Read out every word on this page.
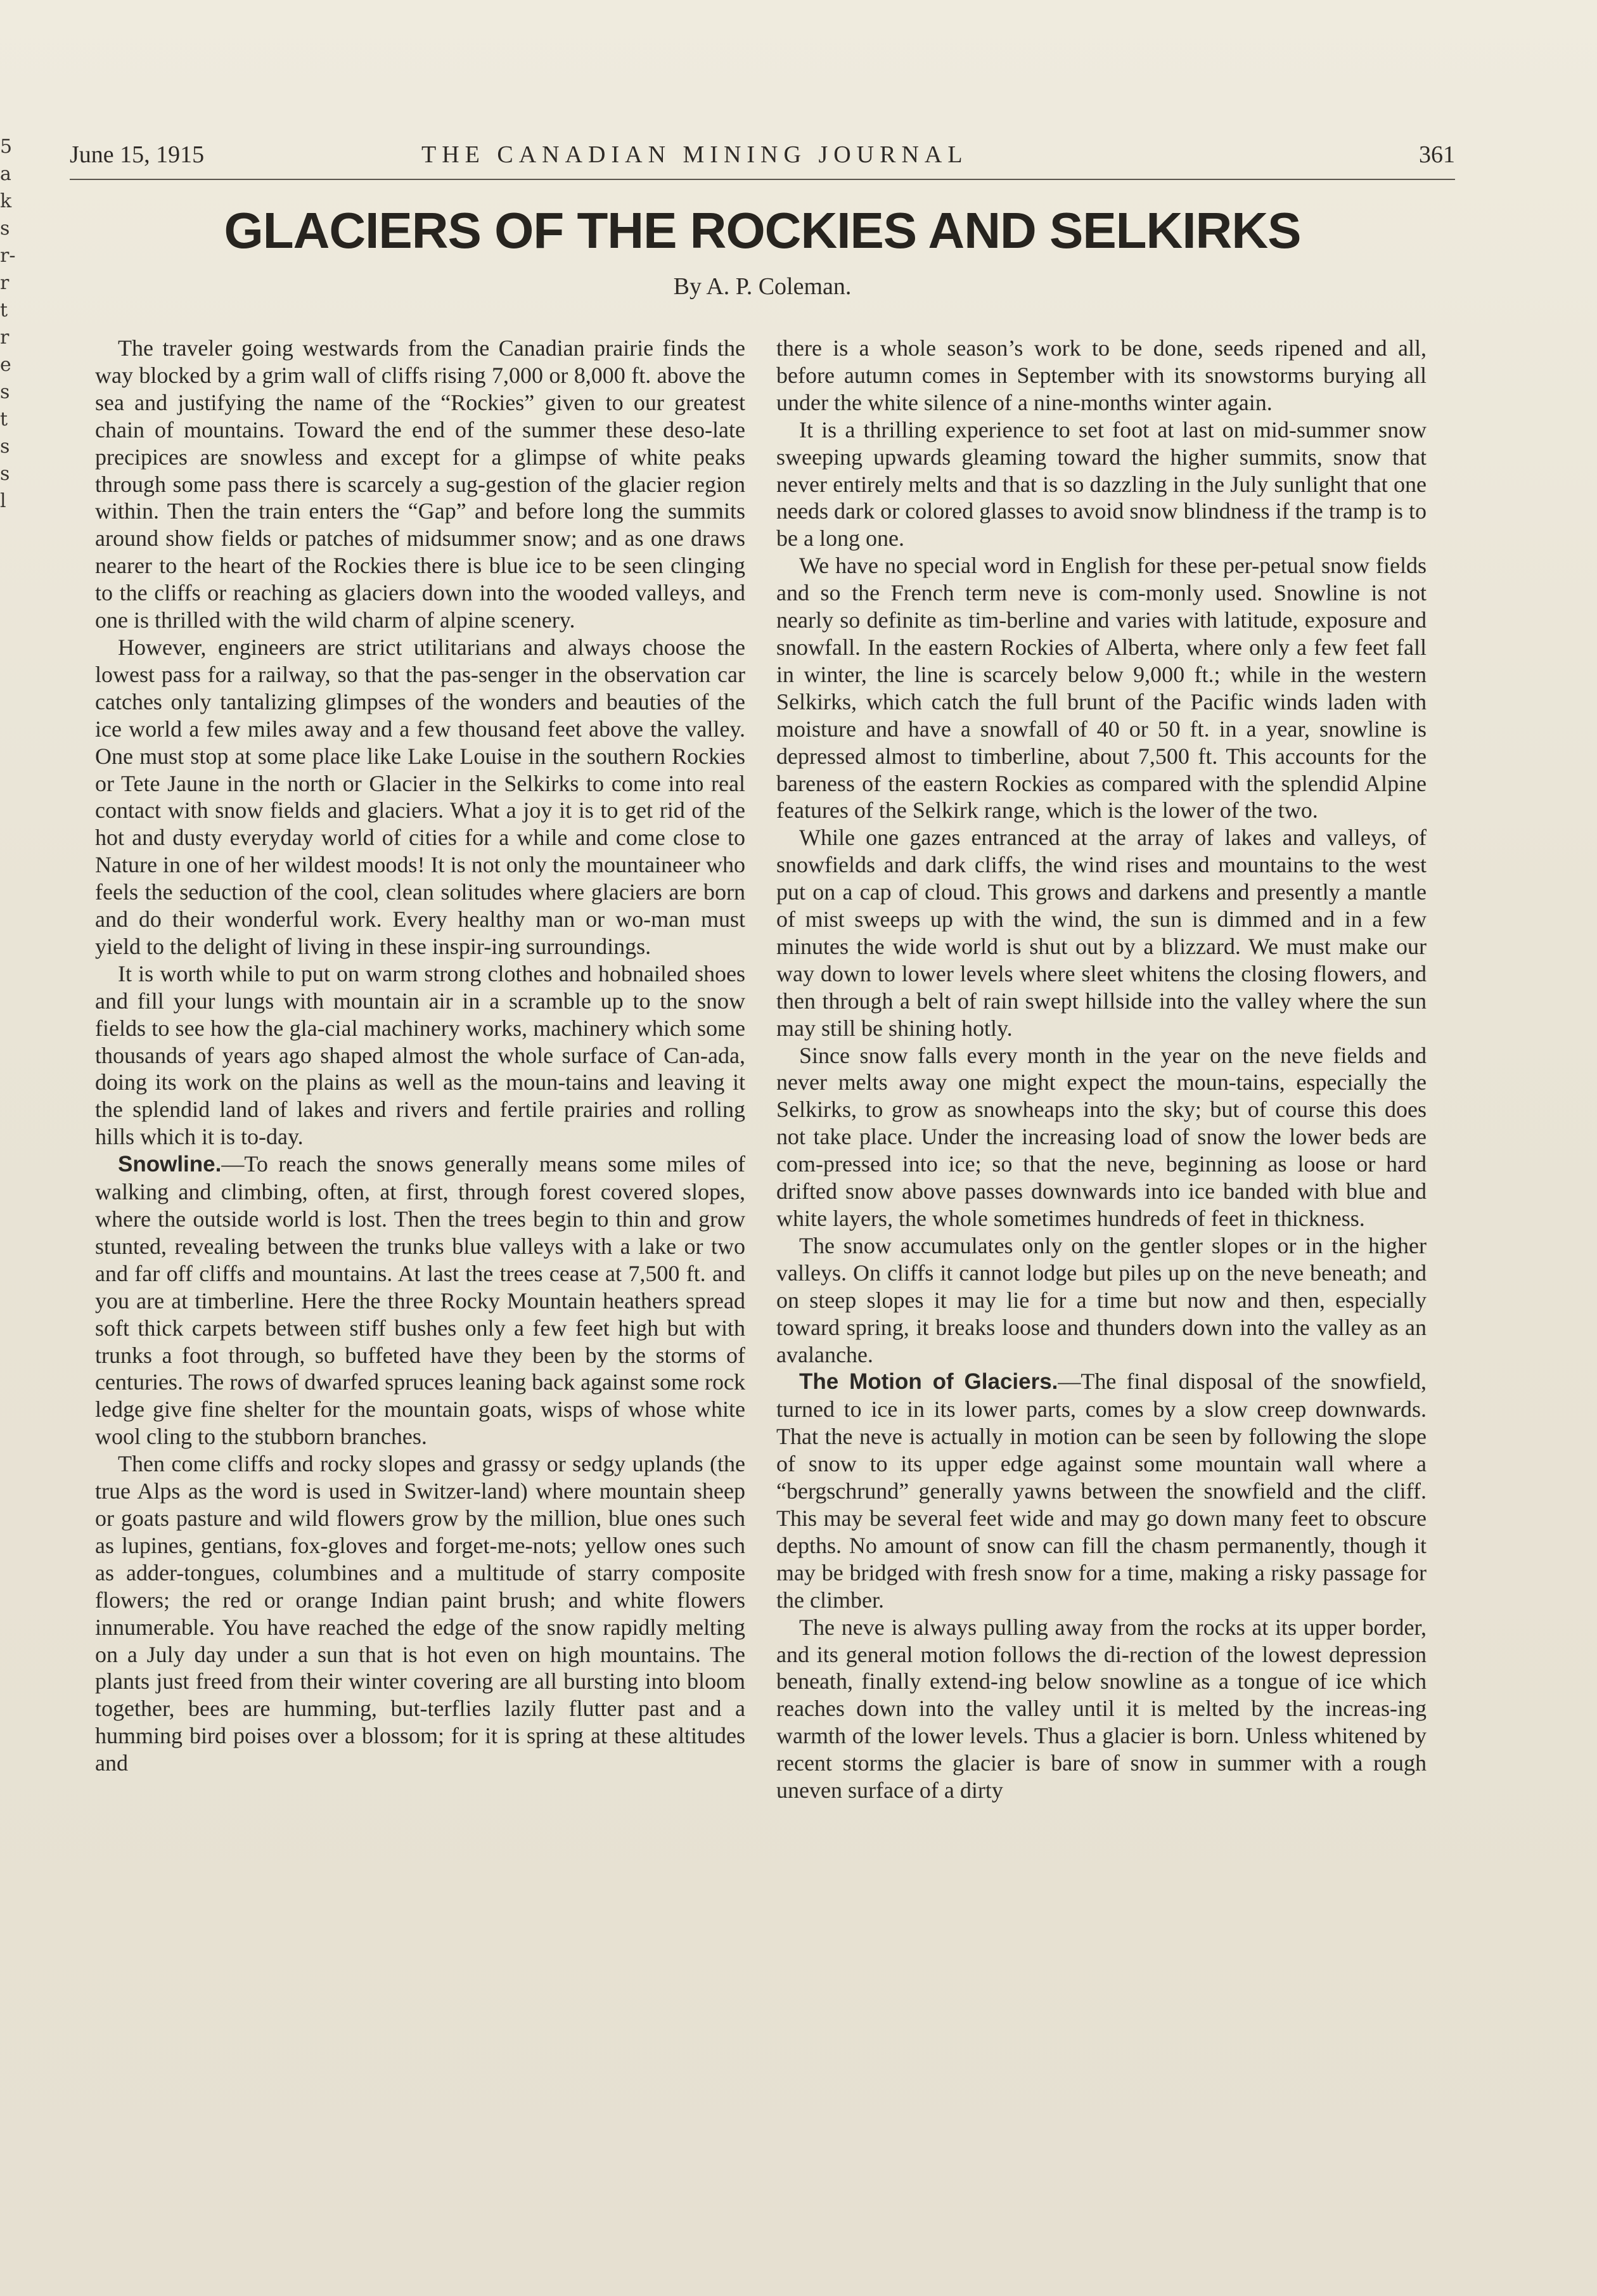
5
a
k
s
r-
r
t
r
e
s
t
s
s
l
June 15, 1915	THE CANADIAN MINING JOURNAL	361
GLACIERS OF THE ROCKIES AND SELKIRKS
By A. P. Coleman.

The traveler going westwards from the Canadian prairie finds the way blocked by a grim wall of cliffs rising 7,000 or 8,000 ft. above the sea and justifying the name of the “Rockies” given to our greatest chain of mountains. Toward the end of the summer these deso-late precipices are snowless and except for a glimpse of white peaks through some pass there is scarcely a sug-gestion of the glacier region within. Then the train enters the “Gap” and before long the summits around show fields or patches of midsummer snow; and as one draws nearer to the heart of the Rockies there is blue ice to be seen clinging to the cliffs or reaching as glaciers down into the wooded valleys, and one is thrilled with the wild charm of alpine scenery.

However, engineers are strict utilitarians and always choose the lowest pass for a railway, so that the pas-senger in the observation car catches only tantalizing glimpses of the wonders and beauties of the ice world a few miles away and a few thousand feet above the valley. One must stop at some place like Lake Louise in the southern Rockies or Tete Jaune in the north or Glacier in the Selkirks to come into real contact with snow fields and glaciers. What a joy it is to get rid of the hot and dusty everyday world of cities for a while and come close to Nature in one of her wildest moods! It is not only the mountaineer who feels the seduction of the cool, clean solitudes where glaciers are born and do their wonderful work. Every healthy man or wo-man must yield to the delight of living in these inspir-ing surroundings.

It is worth while to put on warm strong clothes and hobnailed shoes and fill your lungs with mountain air in a scramble up to the snow fields to see how the gla-cial machinery works, machinery which some thousands of years ago shaped almost the whole surface of Can-ada, doing its work on the plains as well as the moun-tains and leaving it the splendid land of lakes and rivers and fertile prairies and rolling hills which it is to-day.

Snowline.—To reach the snows generally means some miles of walking and climbing, often, at first, through forest covered slopes, where the outside world is lost. Then the trees begin to thin and grow stunted, revealing between the trunks blue valleys with a lake or two and far off cliffs and mountains. At last the trees cease at 7,500 ft. and you are at timberline. Here the three Rocky Mountain heathers spread soft thick carpets between stiff bushes only a few feet high but with trunks a foot through, so buffeted have they been by the storms of centuries. The rows of dwarfed spruces leaning back against some rock ledge give fine shelter for the mountain goats, wisps of whose white wool cling to the stubborn branches.

Then come cliffs and rocky slopes and grassy or sedgy uplands (the true Alps as the word is used in Switzer-land) where mountain sheep or goats pasture and wild flowers grow by the million, blue ones such as lupines, gentians, fox-gloves and forget-me-nots; yellow ones such as adder-tongues, columbines and a multitude of starry composite flowers; the red or orange Indian paint brush; and white flowers innumerable. You have reached the edge of the snow rapidly melting on a July day under a sun that is hot even on high mountains. The plants just freed from their winter covering are all bursting into bloom together, bees are humming, but-terflies lazily flutter past and a humming bird poises over a blossom; for it is spring at these altitudes and

there is a whole season’s work to be done, seeds ripened and all, before autumn comes in September with its snowstorms burying all under the white silence of a nine-months winter again.

It is a thrilling experience to set foot at last on mid-summer snow sweeping upwards gleaming toward the higher summits, snow that never entirely melts and that is so dazzling in the July sunlight that one needs dark or colored glasses to avoid snow blindness if the tramp is to be a long one.

We have no special word in English for these per-petual snow fields and so the French term neve is com-monly used. Snowline is not nearly so definite as tim-berline and varies with latitude, exposure and snowfall. In the eastern Rockies of Alberta, where only a few feet fall in winter, the line is scarcely below 9,000 ft.; while in the western Selkirks, which catch the full brunt of the Pacific winds laden with moisture and have a snowfall of 40 or 50 ft. in a year, snowline is depressed almost to timberline, about 7,500 ft. This accounts for the bareness of the eastern Rockies as compared with the splendid Alpine features of the Selkirk range, which is the lower of the two.

While one gazes entranced at the array of lakes and valleys, of snowfields and dark cliffs, the wind rises and mountains to the west put on a cap of cloud. This grows and darkens and presently a mantle of mist sweeps up with the wind, the sun is dimmed and in a few minutes the wide world is shut out by a blizzard. We must make our way down to lower levels where sleet whitens the closing flowers, and then through a belt of rain swept hillside into the valley where the sun may still be shining hotly.

Since snow falls every month in the year on the neve fields and never melts away one might expect the moun-tains, especially the Selkirks, to grow as snowheaps into the sky; but of course this does not take place. Under the increasing load of snow the lower beds are com-pressed into ice; so that the neve, beginning as loose or hard drifted snow above passes downwards into ice banded with blue and white layers, the whole sometimes hundreds of feet in thickness.

The snow accumulates only on the gentler slopes or in the higher valleys. On cliffs it cannot lodge but piles up on the neve beneath; and on steep slopes it may lie for a time but now and then, especially toward spring, it breaks loose and thunders down into the valley as an avalanche.

The Motion of Glaciers.—The final disposal of the snowfield, turned to ice in its lower parts, comes by a slow creep downwards. That the neve is actually in motion can be seen by following the slope of snow to its upper edge against some mountain wall where a “bergschrund” generally yawns between the snowfield and the cliff. This may be several feet wide and may go down many feet to obscure depths. No amount of snow can fill the chasm permanently, though it may be bridged with fresh snow for a time, making a risky passage for the climber.

The neve is always pulling away from the rocks at its upper border, and its general motion follows the di-rection of the lowest depression beneath, finally extend-ing below snowline as a tongue of ice which reaches down into the valley until it is melted by the increas-ing warmth of the lower levels. Thus a glacier is born. Unless whitened by recent storms the glacier is bare of snow in summer with a rough uneven surface of a dirty
